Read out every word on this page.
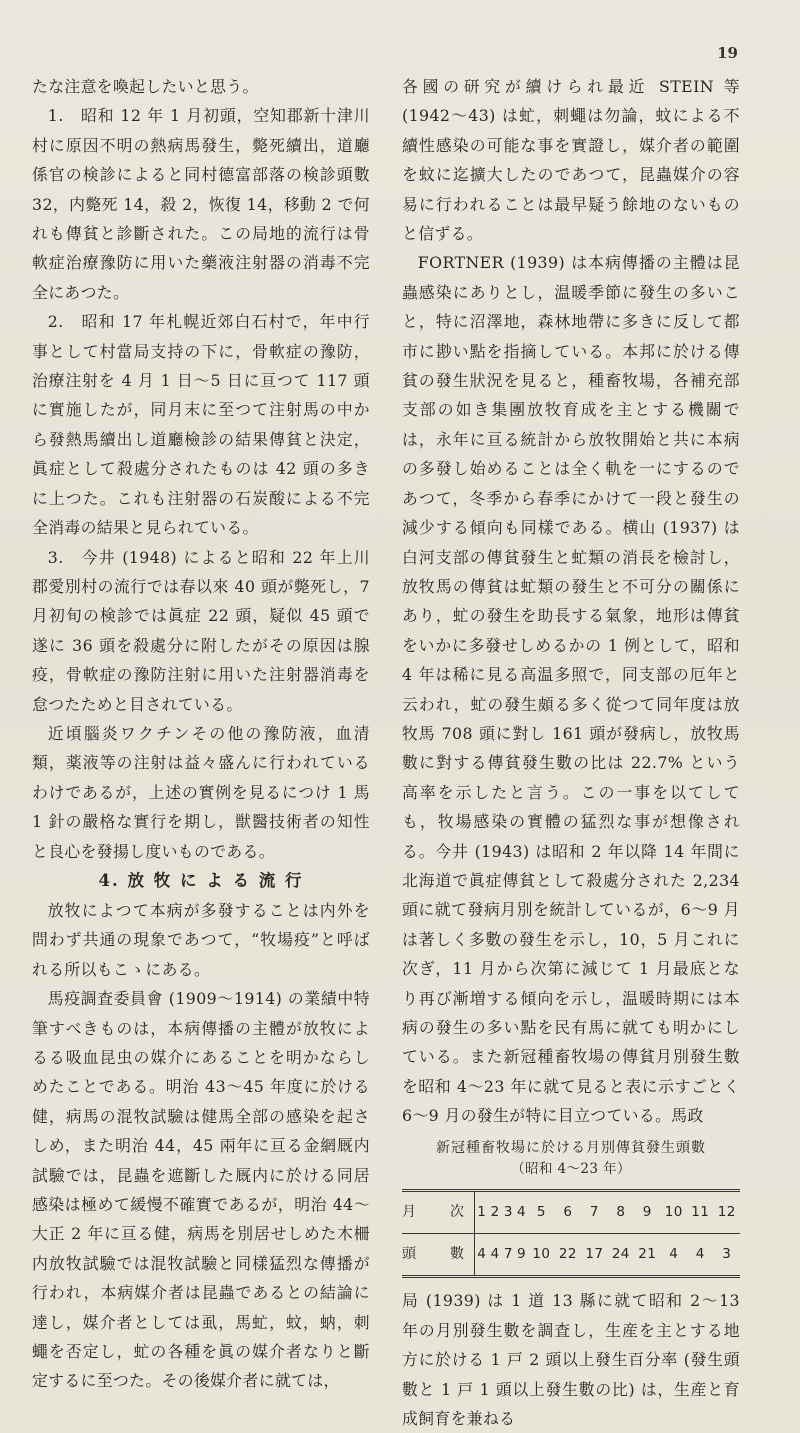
19

たな注意を喚起したいと思う。

1.　昭和 12 年 1 月初頭，空知郡新十津川村に原因不明の熱病馬發生，斃死續出，道廳係官の検診によると同村德富部落の検診頭數 32，内斃死 14，殺 2，恢復 14，移動 2 で何れも傳貧と診斷された。この局地的流行は骨軟症治療豫防に用いた藥液注射器の消毒不完全にあつた。

2.　昭和 17 年札幌近郊白石村で，年中行事として村當局支持の下に，骨軟症の豫防，治療注射を 4 月 1 日〜5 日に亘つて 117 頭に實施したが，同月末に至つて注射馬の中から發熱馬續出し道廳檢診の結果傳貧と決定，眞症として殺處分されたものは 42 頭の多きに上つた。これも注射器の石炭酸による不完全消毒の結果と見られている。

3.　今井 (1948) によると昭和 22 年上川郡愛別村の流行では春以來 40 頭が斃死し，7 月初旬の検診では眞症 22 頭，疑似 45 頭で遂に 36 頭を殺處分に附したがその原因は腺疫，骨軟症の豫防注射に用いた注射器消毒を怠つたためと目されている。

近頃腦炎ワクチンその他の豫防液，血清類，薬液等の注射は益々盛んに行われているわけであるが，上述の實例を見るにつけ 1 馬 1 針の嚴格な實行を期し，獣醫技術者の知性と良心を發揚し度いものである。

4. 放 牧 に よ る 流 行

放牧によつて本病が多發することは内外を問わず共通の現象であつて，“牧場疫”と呼ばれる所以もこゝにある。

馬疫調査委員會 (1909〜1914) の業績中特筆すべきものは，本病傳播の主體が放牧によるる吸血昆虫の媒介にあることを明かならしめたことである。明治 43〜45 年度に於ける健，病馬の混牧試驗は健馬全部の感染を起さしめ，また明治 44，45 兩年に亘る金網厩内試驗では，昆蟲を遮斷した厩内に於ける同居感染は極めて緩慢不確實であるが，明治 44〜大正 2 年に亘る健，病馬を別居せしめた木柵内放牧試驗では混牧試驗と同樣猛烈な傳播が行われ，本病媒介者は昆蟲であるとの結論に達し，媒介者としては虱，馬虻，蚊，蚋，刺蠅を否定し，虻の各種を眞の媒介者なりと斷定するに至つた。その後媒介者に就ては，

各國の研究が續けられ最近 STEIN 等 (1942〜43) は虻，刺蠅は勿論，蚊による不續性感染の可能な事を實證し，媒介者の範圍を蚊に迄擴大したのであつて，昆蟲媒介の容易に行われることは最早疑う餘地のないものと信ずる。

FORTNER (1939) は本病傳播の主體は昆蟲感染にありとし，温暖季節に發生の多いこと，特に沼澤地，森林地帶に多きに反して都市に尠い點を指摘している。本邦に於ける傳貧の發生狀況を見ると，種畜牧場，各補充部支部の如き集團放牧育成を主とする機關では，永年に亘る統計から放牧開始と共に本病の多發し始めることは全く軌を一にするのであつて，冬季から春季にかけて一段と發生の減少する傾向も同樣である。横山 (1937) は白河支部の傳貧發生と虻類の消長を檢討し，放牧馬の傳貧は虻類の發生と不可分の關係にあり，虻の發生を助長する氣象，地形は傳貧をいかに多發せしめるかの 1 例として，昭和 4 年は稀に見る高温多照で，同支部の厄年と云われ，虻の發生頗る多く從つて同年度は放牧馬 708 頭に對し 161 頭が發病し，放牧馬數に對する傳貧發生數の比は 22.7% という高率を示したと言う。この一事を以てしても，牧場感染の實體の猛烈な事が想像される。今井 (1943) は昭和 2 年以降 14 年間に北海道で眞症傳貧として殺處分された 2,234 頭に就て發病月別を統計しているが，6〜9 月は著しく多數の發生を示し，10，5 月これに次ぎ，11 月から次第に減じて 1 月最底となり再び漸増する傾向を示し，温暖時期には本病の發生の多い點を民有馬に就ても明かにしている。また新冠種畜牧場の傳貧月別發生數を昭和 4〜23 年に就て見ると表に示すごとく 6〜9 月の發生が特に目立つている。馬政

新冠種畜牧場に於ける月別傳貧發生頭數
（昭和 4〜23 年）
月　次	1	2	3	4	5	6	7	8	9	10	11	12
頭　數	4	4	7	9	10	22	17	24	21	4	4	3

局 (1939) は 1 道 13 縣に就て昭和 2〜13 年の月別發生數を調査し，生産を主とする地方に於ける 1 戸 2 頭以上發生百分率 (發生頭數と 1 戸 1 頭以上發生數の比) は，生産と育成飼育を兼ねる
